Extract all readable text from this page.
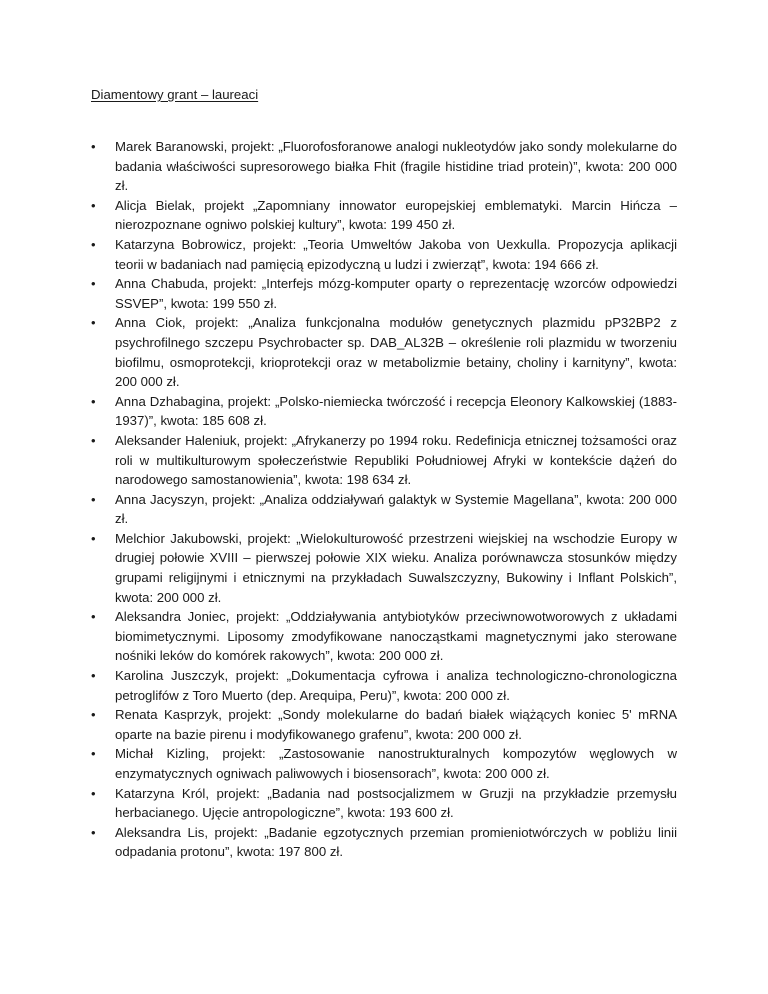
Diamentowy grant – laureaci
• Marek Baranowski, projekt: „Fluorofosforanowe analogi nukleotydów jako sondy molekularne do badania właściwości supresorowego białka Fhit (fragile histidine triad protein)”, kwota: 200 000 zł.
• Alicja Bielak, projekt „Zapomniany innowator europejskiej emblematyki. Marcin Hińcza – nierozpoznane ogniwo polskiej kultury”, kwota: 199 450 zł.
• Katarzyna Bobrowicz, projekt: „Teoria Umweltów Jakoba von Uexkulla. Propozycja aplikacji teorii w badaniach nad pamięcią epizodyczną u ludzi i zwierząt”, kwota: 194 666 zł.
• Anna Chabuda, projekt: „Interfejs mózg-komputer oparty o reprezentację wzorców odpowiedzi SSVEP”, kwota: 199 550 zł.
• Anna Ciok, projekt: „Analiza funkcjonalna modułów genetycznych plazmidu pP32BP2 z psychrofilnego szczepu Psychrobacter sp. DAB_AL32B – określenie roli plazmidu w tworzeniu biofilmu, osmoprotekcji, krioprotekcji oraz w metabolizmie betainy, choliny i karnityny”, kwota: 200 000 zł.
• Anna Dzhabagina, projekt: „Polsko-niemiecka twórczość i recepcja Eleonory Kalkowskiej (1883-1937)”, kwota: 185 608 zł.
• Aleksander Haleniuk, projekt: „Afrykanerzy po 1994 roku. Redefinicja etnicznej tożsamości oraz roli w multikulturowym społeczeństwie Republiki Południowej Afryki w kontekście dążeń do narodowego samostanowienia”, kwota: 198 634 zł.
• Anna Jacyszyn, projekt: „Analiza oddziaływań galaktyk w Systemie Magellana”, kwota: 200 000 zł.
• Melchior Jakubowski, projekt: „Wielokulturowość przestrzeni wiejskiej na wschodzie Europy w drugiej połowie XVIII – pierwszej połowie XIX wieku. Analiza porównawcza stosunków między grupami religijnymi i etnicznymi na przykładach Suwalszczyzny, Bukowiny i Inflant Polskich”, kwota: 200 000 zł.
• Aleksandra Joniec, projekt: „Oddziaływania antybiotyków przeciwnowotworowych z układami biomimetycznymi. Liposomy zmodyfikowane nanocząstkami magnetycznymi jako sterowane nośniki leków do komórek rakowych”, kwota: 200 000 zł.
• Karolina Juszczyk, projekt: „Dokumentacja cyfrowa i analiza technologiczno-chronologiczna petroglifów z Toro Muerto (dep. Arequipa, Peru)”, kwota: 200 000 zł.
• Renata Kasprzyk, projekt: „Sondy molekularne do badań białek wiążących koniec 5' mRNA oparte na bazie pirenu i modyfikowanego grafenu”, kwota: 200 000 zł.
• Michał Kizling, projekt: „Zastosowanie nanostrukturalnych kompozytów węglowych w enzymatycznych ogniwach paliwowych i biosensorach”, kwota: 200 000 zł.
• Katarzyna Król, projekt: „Badania nad postsocjalizmem w Gruzji na przykładzie przemysłu herbacianego. Ujęcie antropologiczne”, kwota: 193 600 zł.
• Aleksandra Lis, projekt: „Badanie egzotycznych przemian promieniotwórczych w pobliżu linii odpadania protonu”, kwota: 197 800 zł.
